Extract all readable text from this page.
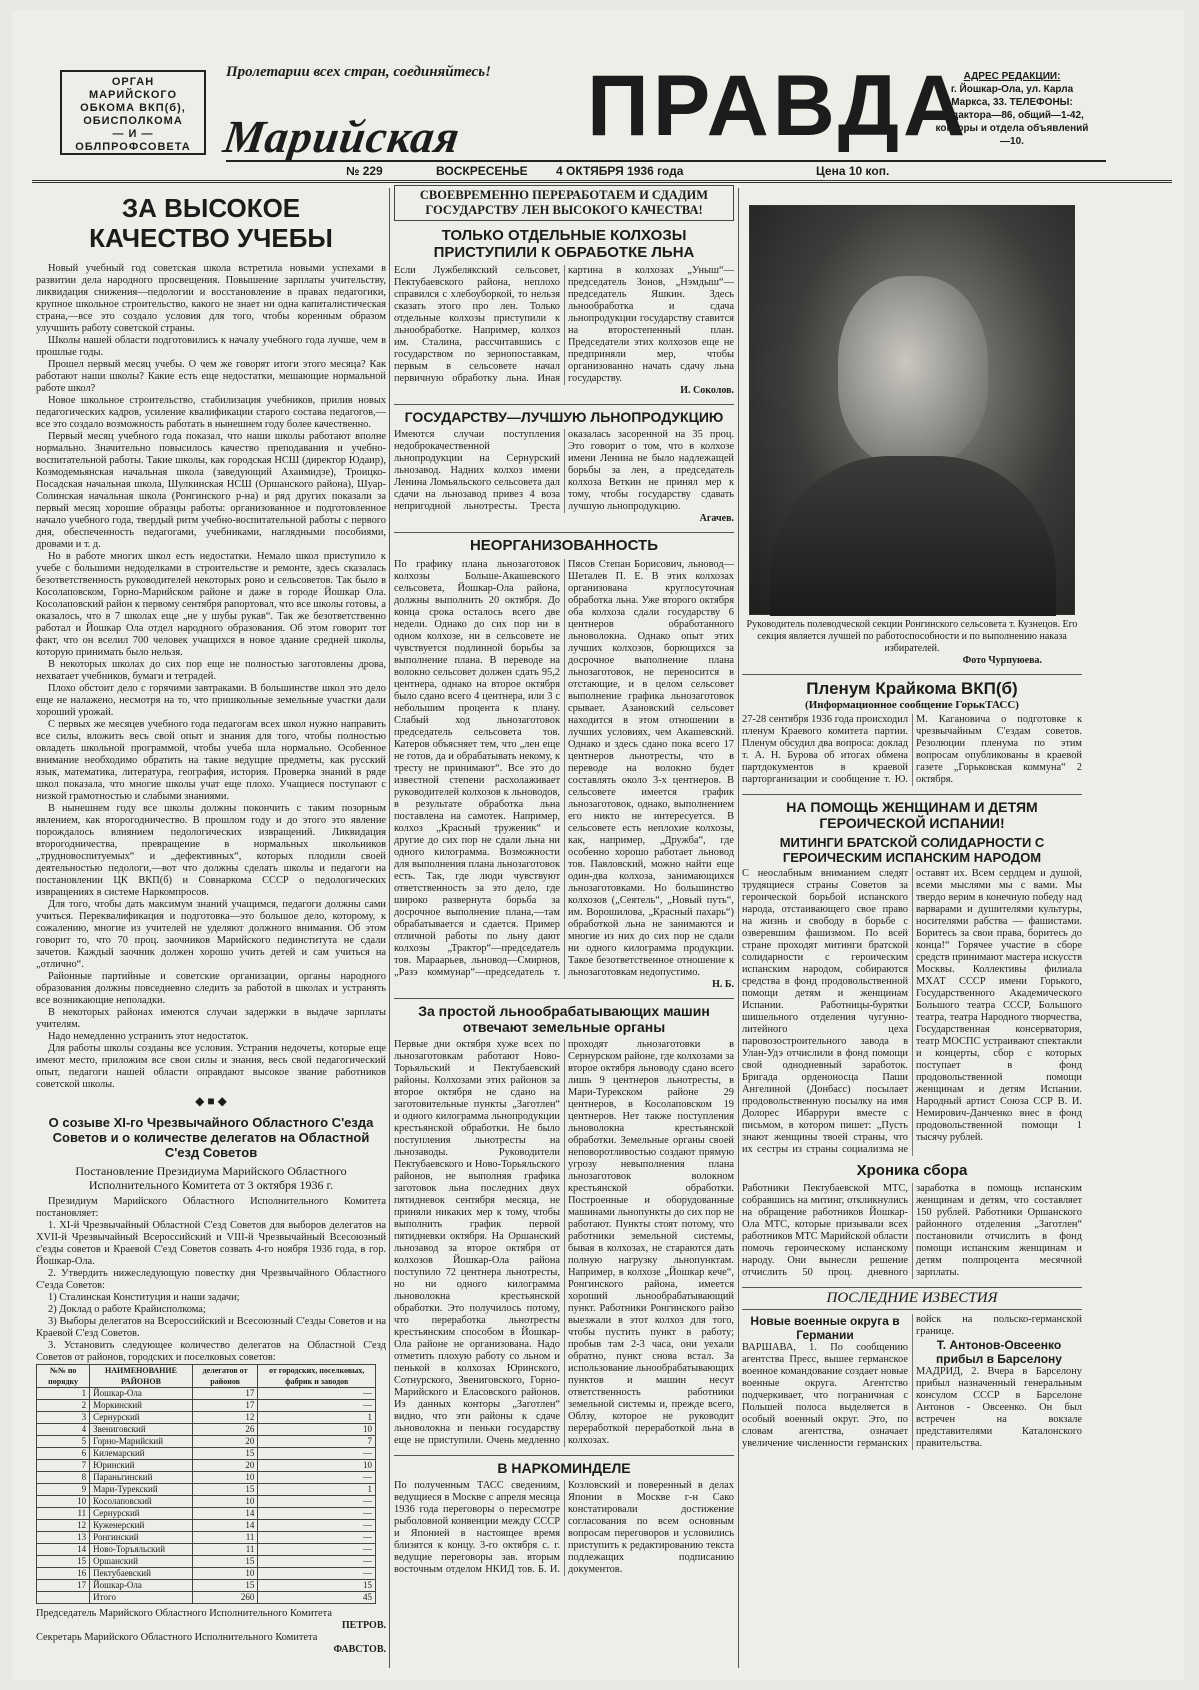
ОРГАН
МАРИЙСКОГО
ОБКОМА ВКП(б),
ОБИСПОЛКОМА
— И —
ОБЛПРОФСОВЕТА
Пролетарии всех стран, соединяйтесь!
Марийская ПРАВДА
АДРЕС РЕДАКЦИИ:
г. Йошкар-Ола, ул. Карла Маркса, 33. ТЕЛЕФОНЫ: редактора—86, общий—1-42, конторы и отдела объявлений—10.
№ 229	ВОСКРЕСЕНЬЕ 4 ОКТЯБРЯ 1936 года	Цена 10 коп.
ЗА ВЫСОКОЕ КАЧЕСТВО УЧЕБЫ

Новый учебный год советская школа встретила новыми успехами в развитии дела народного просвещения. Повышение зарплаты учительству, ликвидация снижения—педологии и восстановление в правах педагогики, крупное школьное строительство, какого не знает ни одна капиталистическая страна,—все это создало условия для того, чтобы коренным образом улучшить работу советской страны.

Школы нашей области подготовились к началу учебного года лучше, чем в прошлые годы.

Прошел первый месяц учебы. О чем же говорят итоги этого месяца? Как работают наши школы? Какие есть еще недостатки, мешающие нормальной работе школ?

Новое школьное строительство, стабилизация учебников, прилив новых педагогических кадров, усиление квалификации старого состава педагогов,—все это создало возможность работать в нынешнем году более качественно.

Первый месяц учебного года показал, что наши школы работают вполне нормально. Значительно повысилось качество преподавания и учебно-воспитательной работы. Такие школы, как городская НСШ (директор Юдаир), Козмодемьянская начальная школа (заведующий Ахаимидзе), Троицко-Посадская начальная школа, Шулкинская НСШ (Оршанского района), Шуар-Солинская начальная школа (Ронгинского р-на) и ряд других показали за первый месяц хорошие образцы работы: организованное и подготовленное начало учебного года, твердый ритм учебно-воспитательной работы с первого дня, обеспеченность педагогами, учебниками, наглядными пособиями, дровами и т. д.

Но в работе многих школ есть недостатки. Немало школ приступило к учебе с большими недоделками в строительстве и ремонте, здесь сказалась безответственность руководителей некоторых роно и сельсоветов. Так было в Косолаповском, Горно-Марийском районе и даже в городе Йошкар Ола. Косолаповский район к первому сентября рапортовал, что все школы готовы, а оказалось, что в 7 школах еще „не у шубы рукав“. Так же безответственно работал и Йошкар Ола отдел народного образования. Об этом говорит тот факт, что он вселил 700 человек учащихся в новое здание средней школы, которую принимать было нельзя.

В некоторых школах до сих пор еще не полностью заготовлены дрова, нехватает учебников, бумаги и тетрадей.

Плохо обстоит дело с горячими завтраками. В большинстве школ это дело еще не налажено, несмотря на то, что пришкольные земельные участки дали хороший урожай.

С первых же месяцев учебного года педагогам всех школ нужно направить все силы, вложить весь свой опыт и знания для того, чтобы полностью овладеть школьной программой, чтобы учеба шла нормально. Особенное внимание необходимо обратить на такие ведущие предметы, как русский язык, математика, литература, география, история. Проверка знаний в ряде школ показала, что многие школы учат еще плохо. Учащиеся поступают с низкой грамотностью и слабыми знаниями.

В нынешнем году все школы должны покончить с таким позорным явлением, как второгодничество. В прошлом году и до этого это явление порождалось влиянием педологических извращений. Ликвидация второгодничества, превращение в нормальных школьников „трудновоспитуемых“ и „дефективных“, которых плодили своей деятельностью педологи,—вот что должны сделать школы и педагоги на постановлении ЦК ВКП(б) и Совнаркома СССР о педологических извращениях в системе Наркомпросов.

Для того, чтобы дать максимум знаний учащимся, педагоги должны сами учиться. Переквалификация и подготовка—это большое дело, которому, к сожалению, многие из учителей не уделяют должного внимания. Об этом говорит то, что 70 проц. заочников Марийского пединститута не сдали зачетов. Каждый заочник должен хорошо учить детей и сам учиться на „отлично“.

Районные партийные и советские организации, органы народного образования должны повседневно следить за работой в школах и устранять все возникающие неполадки.

В некоторых районах имеются случаи задержки в выдаче зарплаты учителям.

Надо немедленно устранить этот недостаток.

Для работы школы созданы все условия. Устранив недочеты, которые еще имеют место, приложим все свои силы и знания, весь свой педагогический опыт, педагоги нашей области оправдают высокое звание работников советской школы.

◆ ■ ◆
О созыве XI-го Чрезвычайного Областного С'езда Советов и о количестве делегатов на Областной С'езд Советов
Постановление Президиума Марийского Областного Исполнительного Комитета от 3 октября 1936 г.

Президиум Марийского Областного Исполнительного Комитета постановляет:

1. XI-й Чрезвычайный Областной С'езд Советов для выборов делегатов на XVII-й Чрезвычайный Всероссийский и VIII-й Чрезвычайный Всесоюзный с'езды советов и Краевой С'езд Советов созвать 4-го ноября 1936 года, в гор. Йошкар-Ола.

2. Утвердить нижеследующую повестку дня Чрезвычайного Областного С'езда Советов:

1) Сталинская Конституция и наши задачи;

2) Доклад о работе Крайисполкома;

3) Выборы делегатов на Всероссийский и Всесоюзный С'езды Советов и на Краевой С'езд Советов.

3. Установить следующее количество делегатов на Областной С'езд Советов от районов, городских и поселковых советов:

№№ по порядку	НАИМЕНОВАНИЕ РАЙОНОВ	делегатов от районов	от городских, поселковых, фабрик и заводов
1	Йошкар-Ола	17	—
2	Моркинский	17	—
3	Сернурский	12	1
4	Звениговский	26	10
5	Горно-Марийский	20	7
6	Килемарский	15	—
7	Юринский	20	10
8	Параньгинский	10	—
9	Мари-Турекский	15	1
10	Косолаповский	10	—
11	Сернурский	14	—
12	Куженерский	14	—
13	Ронгинский	11	—
14	Ново-Торъяльский	11	—
15	Оршанский	15	—
16	Пектубаевский	10	—
17	Йошкар-Ола	15	15
	Итого	260	45
Председатель Марийского Областного Исполнительного Комитета
ПЕТРОВ.
Секретарь Марийского Областного Исполнительного Комитета
ФАВСТОВ.
СВОЕВРЕМЕННО ПЕРЕРАБОТАЕМ И СДАДИМ ГОСУДАРСТВУ ЛЕН ВЫСОКОГО КАЧЕСТВА!
ТОЛЬКО ОТДЕЛЬНЫЕ КОЛХОЗЫ ПРИСТУПИЛИ К ОБРАБОТКЕ ЛЬНА
Если Лужбелякский сельсовет, Пектубаевского района, неплохо справился с хлебоуборкой, то нельзя сказать этого про лен. Только отдельные колхозы приступили к льнообработке. Например, колхоз им. Сталина, рассчитавшись с государством по зернопоставкам, первым в сельсовете начал первичную обработку льна. Иная картина в колхозах „Уныш“—председатель Зонов, „Нэмдыш“—председатель Яшкин. Здесь льнообработка и сдача льнопродукции государству ставится на второстепенный план. Председатели этих колхозов еще не предприняли мер, чтобы организованно начать сдачу льна государству.
И. Соколов.
ГОСУДАРСТВУ—ЛУЧШУЮ ЛЬНОПРОДУКЦИЮ
Имеются случаи поступления недоброкачественной льнопродукции на Сернурский льнозавод. Надних колхоз имени Ленина Ломьяльского сельсовета дал сдачи на льнозавод привез 4 воза непригодной льнотресты. Треста оказалась засоренной на 35 проц. Это говорит о том, что в колхозе имени Ленина не было надлежащей борьбы за лен, а председатель колхоза Веткин не принял мер к тому, чтобы государству сдавать лучшую льнопродукцию.
Агачев.
НЕОРГАНИЗОВАННОСТЬ
По графику плана льнозаготовок колхозы Больше-Акашевского сельсовета, Йошкар-Ола района, должны выполнить 20 октября. До конца срока осталось всего две недели. Однако до сих пор ни в одном колхозе, ни в сельсовете не чувствуется подлинной борьбы за выполнение плана. В переводе на волокно сельсовет должен сдать 95,2 центнера, однако на второе октября было сдано всего 4 центнера, или 3 с небольшим процента к плану. Слабый ход льнозаготовок председатель сельсовета тов. Катеров объясняет тем, что „лен еще не готов, да и обрабатывать некому, к тресту не принимают“. Все это до известной степени расхолаживает руководителей колхозов к льноводов, в результате обработка льна поставлена на самотек. Например, колхоз „Красный труженик“ и другие до сих пор не сдали льна ни одного килограмма. Возможности для выполнения плана льнозаготовок есть. Так, где люди чувствуют ответственность за это дело, где широко развернута борьба за досрочное выполнение плана,—там обрабатывается и сдается. Пример отличной работы по льну дают колхозы „Трактор“—председатель тов. Мараарьев, льновод—Смирнов, „Разэ коммунар“—председатель т. Пясов Степан Борисович, льновод—Шеталев П. Е. В этих колхозах организована круглосуточная обработка льна. Уже второго октября оба колхоза сдали государству 6 центнеров обработанного льноволокна. Однако опыт этих лучших колхозов, борющихся за досрочное выполнение плана льнозаготовок, не переносится в отстающие, и в целом сельсовет выполнение графика льнозаготовок срывает. Азановский сельсовет находится в этом отношении в лучших условиях, чем Акашевский. Однако и здесь сдано пока всего 17 центнеров льнотресты, что в переводе на волокно будет составлять около 3-х центнеров. В сельсовете имеется график льнозаготовок, однако, выполнением его никто не интересуется. В сельсовете есть неплохие колхозы, как, например, „Дружба“, где особенно хорошо работает льновод тов. Павловский, можно найти еще один-два колхоза, занимающихся льнозаготовками. Но большинство колхозов („Сеятель“, „Новый путь“, им. Ворошилова, „Красный пахарь“) обработкой льна не занимаются и многие из них до сих пор не сдали ни одного килограмма продукции. Такое безответственное отношение к льнозаготовкам недопустимо.
Н. Б.
За простой льнообрабатывающих машин отвечают земельные органы
Первые дни октября хуже всех по льнозаготовкам работают Ново-Торьяльский и Пектубаевский районы. Колхозами этих районов за второе октября не сдано на заготовительные пункты „Заготлен“ и одного килограмма льнопродукции крестьянской обработки. Не было поступления льнотресты на льнозаводы. Руководители Пектубаевского и Ново-Торьяльского районов, не выполняя графика заготовок льна последних двух пятидневок сентября месяца, не приняли никаких мер к тому, чтобы выполнить график первой пятидневки октября. На Оршанский льнозавод за второе октября от колхозов Йошкар-Ола района поступило 72 центнера льнотресты, но ни одного килограмма льноволокна крестьянской обработки. Это получилось потому, что переработка льнотресты крестьянским способом в Йошкар-Ола районе не организована. Надо отметить плохую работу со льном и пенькой в колхозах Юринского, Сотнурского, Звениговского, Горно-Марийского и Еласовского районов. Из данных конторы „Заготлен“ видно, что эти районы к сдаче льноволокна и пеньки государству еще не приступили. Очень медленно проходят льнозаготовки в Сернурском районе, где колхозами за второе октября льноводу сдано всего лишь 9 центнеров льнотресты, в Мари-Турекском районе 29 центнеров, в Косолаповском 19 центнеров. Нет также поступления льноволокна крестьянской обработки. Земельные органы своей неповоротливостью создают прямую угрозу невыполнения плана льнозаготовок волокном крестьянской обработки. Построенные и оборудованные машинами льнопункты до сих пор не работают. Пункты стоят потому, что работники земельной системы, бывая в колхозах, не стараются дать полную нагрузку льнопунктам. Например, в колхозе „Йошкар кече“, Ронгинского района, имеется хороший льнообрабатывающий пункт. Работники Ронгинского райзо выезжали в этот колхоз для того, чтобы пустить пункт в работу; пробыв там 2-3 часа, они уехали обратно, пункт снова встал. За использование льнообрабатывающих пунктов и машин несут ответственность работники земельной системы и, прежде всего, Облзу, которое не руководит переработкой переработкой льна в колхозах.
В НАРКОМИНДЕЛЕ
По полученным ТАСС сведениям, ведущиеся в Москве с апреля месяца 1936 года переговоры о пересмотре рыболовной конвенции между СССР и Японией в настоящее время близятся к концу. 3-го октября с. г. ведущие переговоры зав. вторым восточным отделом НКИД тов. Б. И. Козловский и поверенный в делах Японии в Москве г-н Сако констатировали достижение согласования по всем основным вопросам переговоров и условились приступить к редактированию текста подлежащих подписанию документов.
Руководитель полеводческой секции Ронгинского сельсовета т. Кузнецов. Его секция является лучшей по работоспособности и по выполнению наказа избирателей.
Фото Чурпуюева.
Пленум Крайкома ВКП(б)
(Информационное сообщение ГорькТАСС)
27-28 сентября 1936 года происходил пленум Краевого комитета партии. Пленум обсудил два вопроса: доклад т. А. Н. Бурова об итогах обмена партдокументов в краевой парторганизации и сообщение т. Ю. М. Кагановича о подготовке к чрезвычайным С'ездам советов. Резолюции пленума по этим вопросам опубликованы в краевой газете „Горьковская коммуна“ 2 октября.
НА ПОМОЩЬ ЖЕНЩИНАМ И ДЕТЯМ ГЕРОИЧЕСКОЙ ИСПАНИИ!
МИТИНГИ БРАТСКОЙ СОЛИДАРНОСТИ С ГЕРОИЧЕСКИМ ИСПАНСКИМ НАРОДОМ
С неослабным вниманием следят трудящиеся страны Советов за героической борьбой испанского народа, отстаивающего свое право на жизнь и свободу в борьбе с озверевшим фашизмом. По всей стране проходят митинги братской солидарности с героическим испанским народом, собираются средства в фонд продовольственной помощи детям и женщинам Испании. Работницы-бурятки шишельного отделения чугунно-литейного цеха паровозостроительного завода в Улан-Удэ отчислили в фонд помощи свой однодневный заработок. Бригада орденоносца Паши Ангелиной (Донбасс) посылает продовольственную посылку на имя Долорес Ибаррури вместе с письмом, в котором пишет: „Пусть знают женщины твоей страны, что их сестры из страны социализма не оставят их. Всем сердцем и душой, всеми мыслями мы с вами. Мы твердо верим в конечную победу над варварами и душителями культуры, носителями рабства — фашистами. Боритесь за свои права, боритесь до конца!“ Горячее участие в сборе средств принимают мастера искусств Москвы. Коллективы филиала МХАТ СССР имени Горького, Государственного Академического Большого театра СССР, Большого театра, театра Народного творчества, Государственная консерватория, театр МОСПС устраивают спектакли и концерты, сбор с которых поступает в фонд продовольственной помощи женщинам и детям Испании. Народный артист Союза ССР В. И. Немирович-Данченко внес в фонд продовольственной помощи 1 тысячу рублей.
Хроника сбора
Работники Пектубаевской МТС, собравшись на митинг, откликнулись на обращение работников Йошкар-Ола МТС, которые призывали всех работников МТС Марийской области помочь героическому испанскому народу. Они вынесли решение отчислить 50 проц. дневного заработка в помощь испанским женщинам и детям, что составляет 150 рублей. Работники Оршанского районного отделения „Заготлен“ постановили отчислить в фонд помощи испанским женщинам и детям полпроцента месячной зарплаты.
ПОСЛЕДНИЕ ИЗВЕСТИЯ
Новые военные округа в Германии
ВАРШАВА, 1. По сообщению агентства Пресс, вышее германское военное командование создает новые военные округа. Агентство подчеркивает, что пограничная с Польшей полоса выделяется в особый военный округ. Это, по словам агентства, означает увеличение численности германских войск на польско-германской границе.
Т. Антонов-Овсеенко прибыл в Барселону
МАДРИД, 2. Вчера в Барселону прибыл назначенный генеральным консулом СССР в Барселоне Антонов - Овсеенко. Он был встречен на вокзале представителями Каталонского правительства.
